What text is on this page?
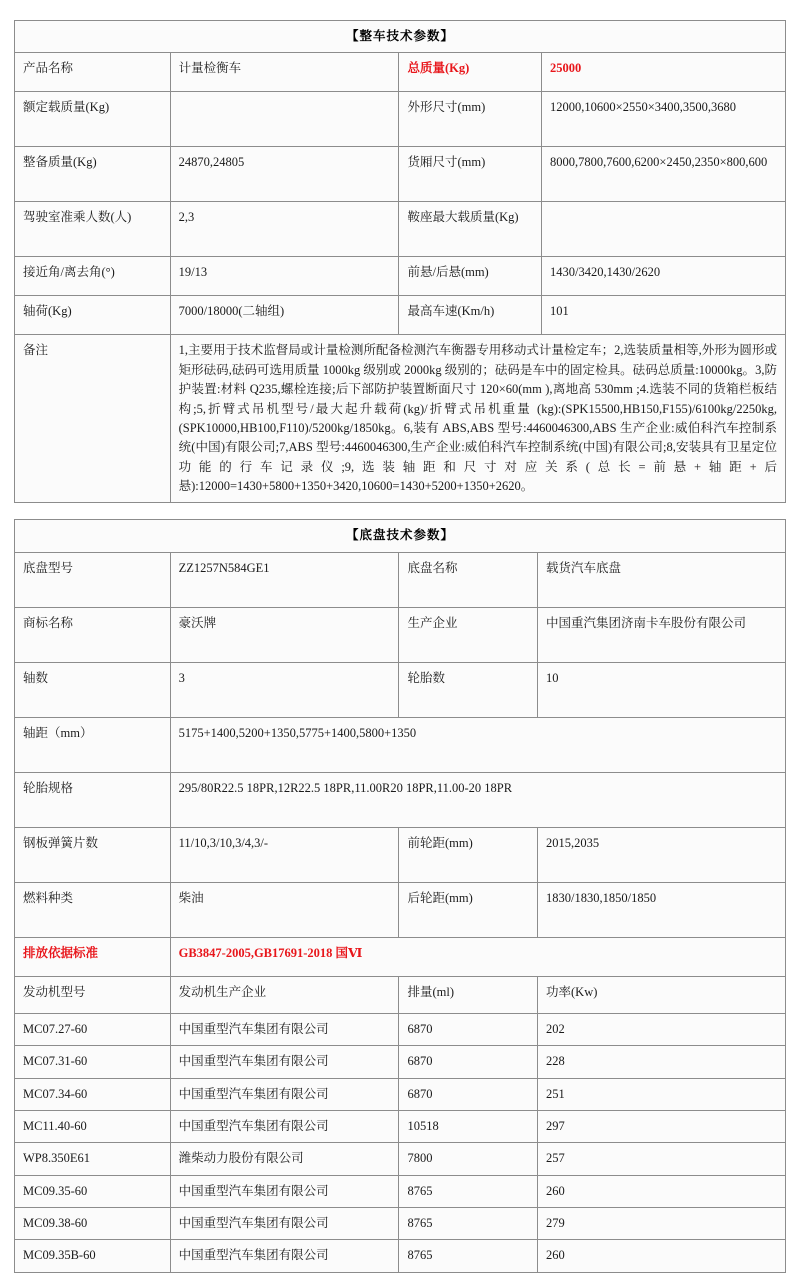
【整车技术参数】			
产品名称	计量检衡车	总质量(Kg)	25000
额定载质量(Kg)		外形尺寸(mm)	12000,10600×2550×3400,3500,3680
整备质量(Kg)	24870,24805	货厢尺寸(mm)	8000,7800,7600,6200×2450,2350×800,600
驾驶室准乘人数(人)	2,3	鞍座最大载质量(Kg)	
接近角/离去角(°)	19/13	前悬/后悬(mm)	1430/3420,1430/2620
轴荷(Kg)	7000/18000(二轴组)	最高车速(Km/h)	101
备注	1,主要用于技术监督局或计量检测所配备检测汽车衡器专用移动式计量检定车；2,选装质量相等,外形为圆形或矩形砝码,砝码可选用质量 1000kg 级别或 2000kg 级别的；砝码是车中的固定检具。砝码总质量:10000kg。3,防护装置:材料 Q235,螺栓连接;后下部防护装置断面尺寸 120×60(mm ),离地高 530mm ;4.选装不同的货箱栏板结构;5,折臂式吊机型号/最大起升载荷(kg)/折臂式吊机重量 (kg):(SPK15500,HB150,F155)/6100kg/2250kg,(SPK10000,HB100,F110)/5200kg/1850kg。6,装有 ABS,ABS 型号:4460046300,ABS 生产企业:威伯科汽车控制系统(中国)有限公司;7,ABS 型号:4460046300,生产企业:威伯科汽车控制系统(中国)有限公司;8,安装具有卫星定位功能的行车记录仪;9,选装轴距和尺寸对应关系(总长=前悬+轴距+后悬):12000=1430+5800+1350+3420,10600=1430+5200+1350+2620。		
【底盘技术参数】			
底盘型号	ZZ1257N584GE1	底盘名称	载货汽车底盘
商标名称	豪沃牌	生产企业	中国重汽集团济南卡车股份有限公司
轴数	3	轮胎数	10
轴距（mm）	5175+1400,5200+1350,5775+1400,5800+1350		
轮胎规格	295/80R22.5 18PR,12R22.5 18PR,11.00R20 18PR,11.00-20 18PR		
钢板弹簧片数	11/10,3/10,3/4,3/-	前轮距(mm)	2015,2035
燃料种类	柴油	后轮距(mm)	1830/1830,1850/1850
排放依据标准	GB3847-2005,GB17691-2018 国Ⅵ		
发动机型号	发动机生产企业	排量(ml)	功率(Kw)
MC07.27-60	中国重型汽车集团有限公司	6870	202
MC07.31-60	中国重型汽车集团有限公司	6870	228
MC07.34-60	中国重型汽车集团有限公司	6870	251
MC11.40-60	中国重型汽车集团有限公司	10518	297
WP8.350E61	潍柴动力股份有限公司	7800	257
MC09.35-60	中国重型汽车集团有限公司	8765	260
MC09.38-60	中国重型汽车集团有限公司	8765	279
MC09.35B-60	中国重型汽车集团有限公司	8765	260
